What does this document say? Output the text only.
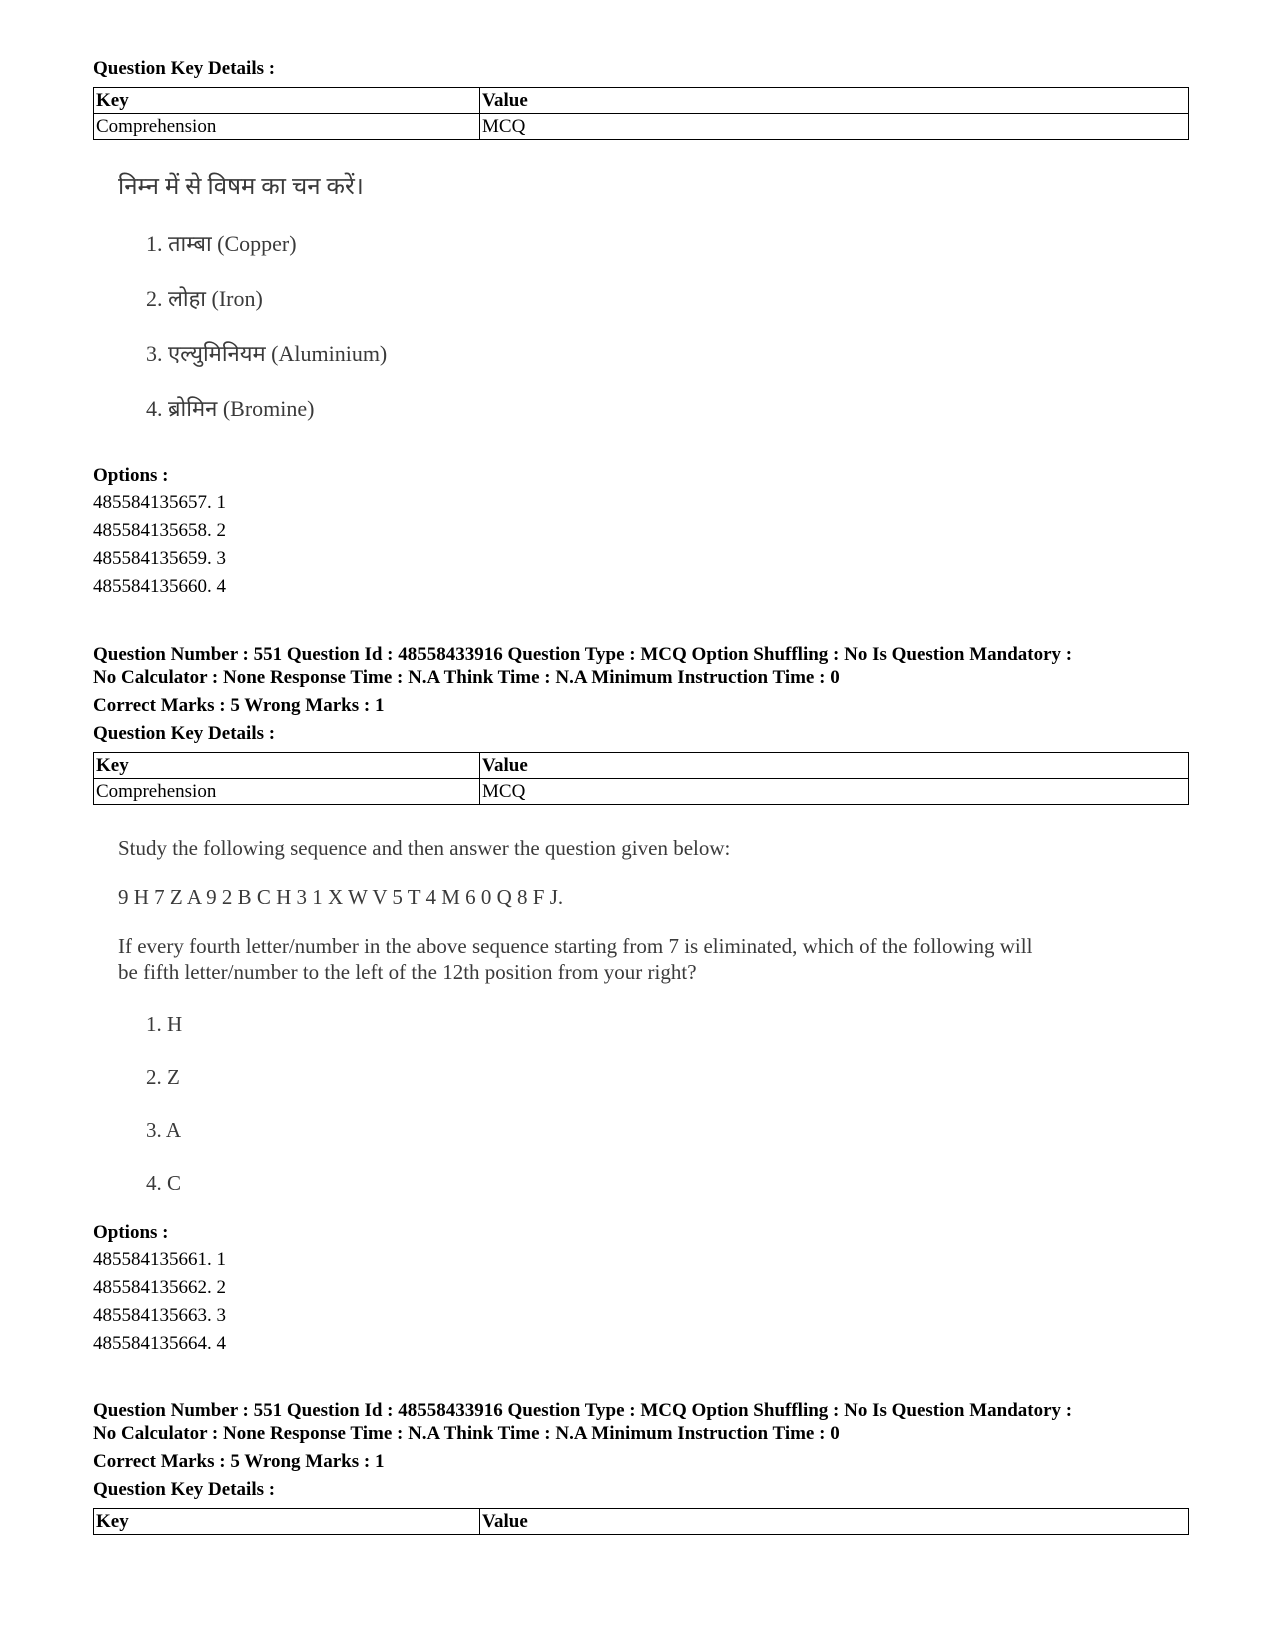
Question Key Details :
Key	Value
Comprehension	MCQ
निम्न में से विषम का चन करें।
1. ताम्बा (Copper)
2. लोहा (Iron)
3. एल्युमिनियम (Aluminium)
4. ब्रोमिन (Bromine)
Options :
485584135657. 1
485584135658. 2
485584135659. 3
485584135660. 4
Question Number : 551 Question Id : 48558433916 Question Type : MCQ Option Shuffling : No Is Question Mandatory :
No Calculator : None Response Time : N.A Think Time : N.A Minimum Instruction Time : 0
Correct Marks : 5 Wrong Marks : 1
Question Key Details :
Key	Value
Comprehension	MCQ
Study the following sequence and then answer the question given below:
9 H 7 Z A 9 2 B C H 3 1 X W V 5 T 4 M 6 0 Q 8 F J.
If every fourth letter/number in the above sequence starting from 7 is eliminated, which of the following will
be fifth letter/number to the left of the 12th position from your right?
1. H
2. Z
3. A
4. C
Options :
485584135661. 1
485584135662. 2
485584135663. 3
485584135664. 4
Question Number : 551 Question Id : 48558433916 Question Type : MCQ Option Shuffling : No Is Question Mandatory :
No Calculator : None Response Time : N.A Think Time : N.A Minimum Instruction Time : 0
Correct Marks : 5 Wrong Marks : 1
Question Key Details :
Key	Value
